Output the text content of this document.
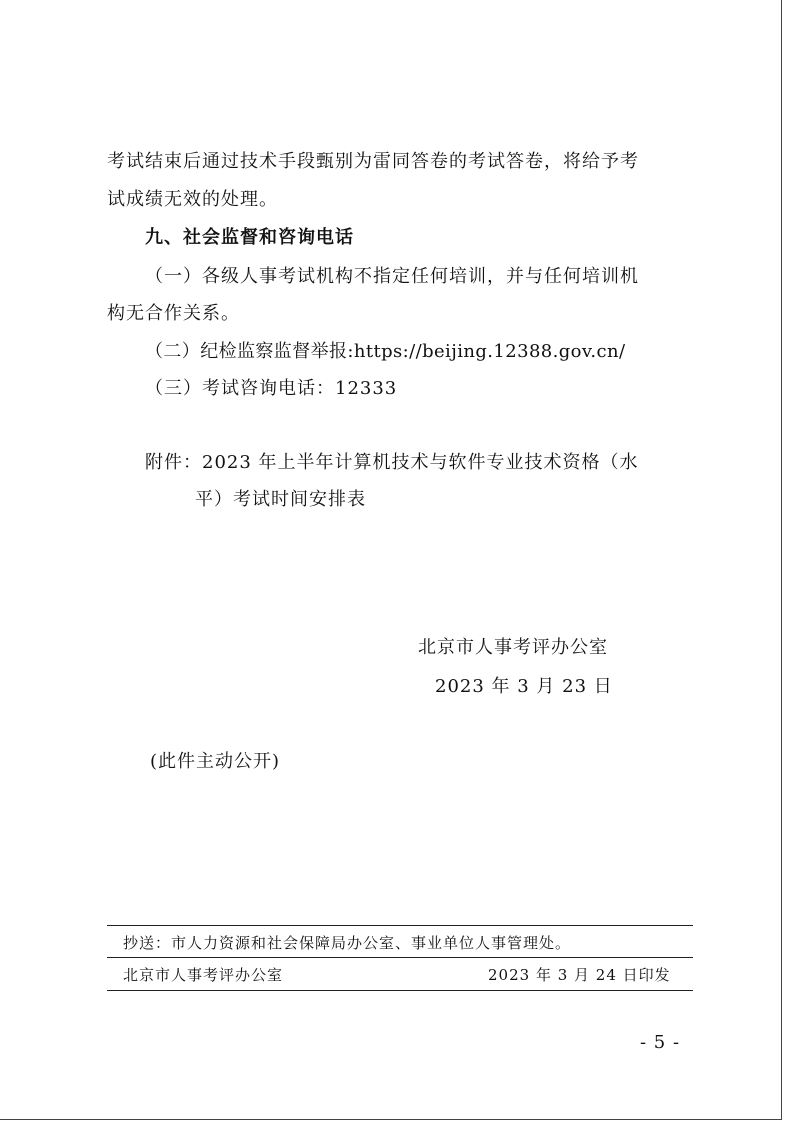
考试结束后通过技术手段甄别为雷同答卷的考试答卷，将给予考
试成绩无效的处理。
九、社会监督和咨询电话
（一）各级人事考试机构不指定任何培训，并与任何培训机
构无合作关系。
（二）纪检监察监督举报:https://beijing.12388.gov.cn/
（三）考试咨询电话：12333
附件：2023 年上半年计算机技术与软件专业技术资格（水
平）考试时间安排表
北京市人事考评办公室
2023 年 3 月 23 日
(此件主动公开)
抄送：市人力资源和社会保障局办公室、事业单位人事管理处。
北京市人事考评办公室	2023 年 3 月 24 日印发
- 5 -
